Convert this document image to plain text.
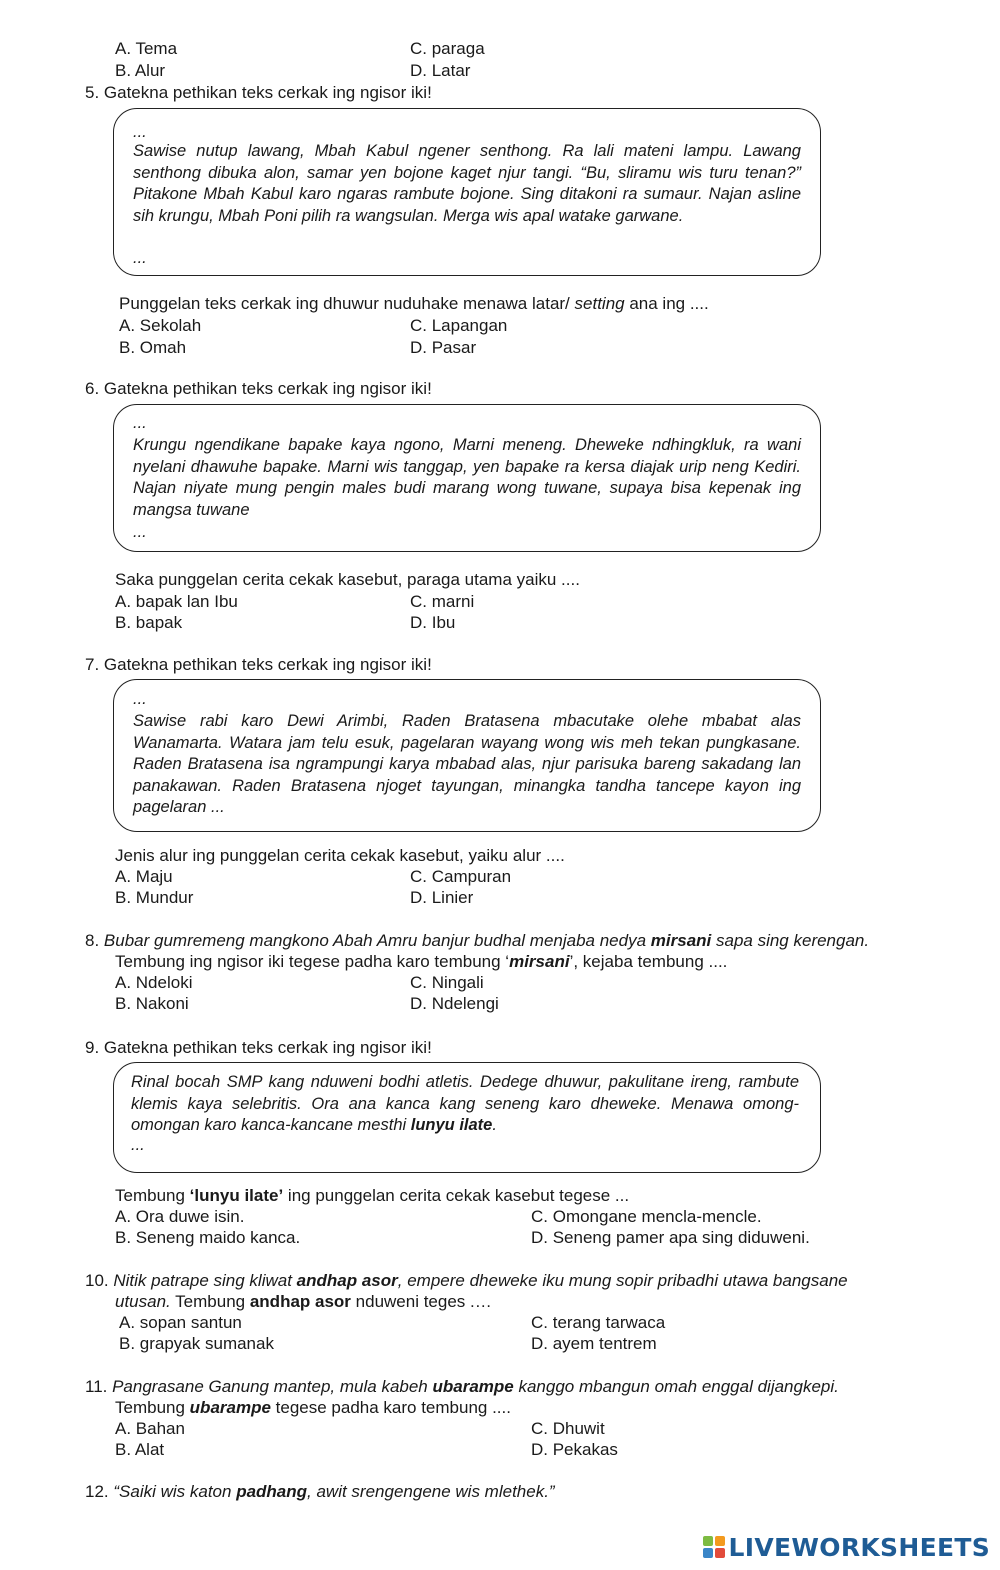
A. Tema	C. paraga
B. Alur	D. Latar
5. Gatekna pethikan teks cerkak ing ngisor iki!
...
Sawise nutup lawang, Mbah Kabul ngener senthong. Ra lali mateni lampu. Lawang senthong dibuka alon, samar yen bojone kaget njur tangi. “Bu, sliramu wis turu tenan?” Pitakone Mbah Kabul karo ngaras rambute bojone. Sing ditakoni ra sumaur. Najan asline sih krungu, Mbah Poni pilih ra wangsulan. Merga wis apal watake garwane.
...
Punggelan teks cerkak ing dhuwur nuduhake menawa latar/ setting ana ing ....
A. Sekolah	C. Lapangan
B. Omah	D. Pasar
6. Gatekna pethikan teks cerkak ing ngisor iki!
...
Krungu ngendikane bapake kaya ngono, Marni meneng. Dheweke ndhingkluk, ra wani nyelani dhawuhe bapake. Marni wis tanggap, yen bapake ra kersa diajak urip neng Kediri. Najan niyate mung pengin males budi marang wong tuwane, supaya bisa kepenak ing mangsa tuwane
...
Saka punggelan cerita cekak kasebut, paraga utama yaiku ....
A. bapak lan Ibu	C. marni
B. bapak	D. Ibu
7. Gatekna pethikan teks cerkak ing ngisor iki!
...
Sawise rabi karo Dewi Arimbi, Raden Bratasena mbacutake olehe mbabat alas Wanamarta. Watara jam telu esuk, pagelaran wayang wong wis meh tekan pungkasane. Raden Bratasena isa ngrampungi karya mbabad alas, njur parisuka bareng sakadang lan panakawan. Raden Bratasena njoget tayungan, minangka tandha tancepe kayon ing pagelaran ...
Jenis alur ing punggelan cerita cekak kasebut, yaiku alur ....
A. Maju	C. Campuran
B. Mundur	D. Linier
8. Bubar gumremeng mangkono Abah Amru banjur budhal menjaba nedya mirsani sapa sing kerengan.
Tembung ing ngisor iki tegese padha karo tembung ‘mirsani’, kejaba tembung ....
A. Ndeloki	C. Ningali
B. Nakoni	D. Ndelengi
9. Gatekna pethikan teks cerkak ing ngisor iki!
Rinal bocah SMP kang nduweni bodhi atletis. Dedege dhuwur, pakulitane ireng, rambute klemis kaya selebritis. Ora ana kanca kang seneng karo dheweke. Menawa omong-omongan karo kanca-kancane mesthi lunyu ilate.
...
Tembung ‘lunyu ilate’ ing punggelan cerita cekak kasebut tegese ...
A. Ora duwe isin.	C. Omongane mencla-mencle.
B. Seneng maido kanca.	D. Seneng pamer apa sing diduweni.
10. Nitik patrape sing kliwat andhap asor, empere dheweke iku mung sopir pribadhi utawa bangsane
utusan. Tembung andhap asor nduweni teges .…
A. sopan santun	C. terang tarwaca
B. grapyak sumanak	D. ayem tentrem
11. Pangrasane Ganung mantep, mula kabeh ubarampe kanggo mbangun omah enggal dijangkepi.
Tembung ubarampe tegese padha karo tembung ....
A. Bahan	C. Dhuwit
B. Alat	D. Pekakas
12. “Saiki wis katon padhang, awit srengengene wis mlethek.”
LIVEWORKSHEETS
